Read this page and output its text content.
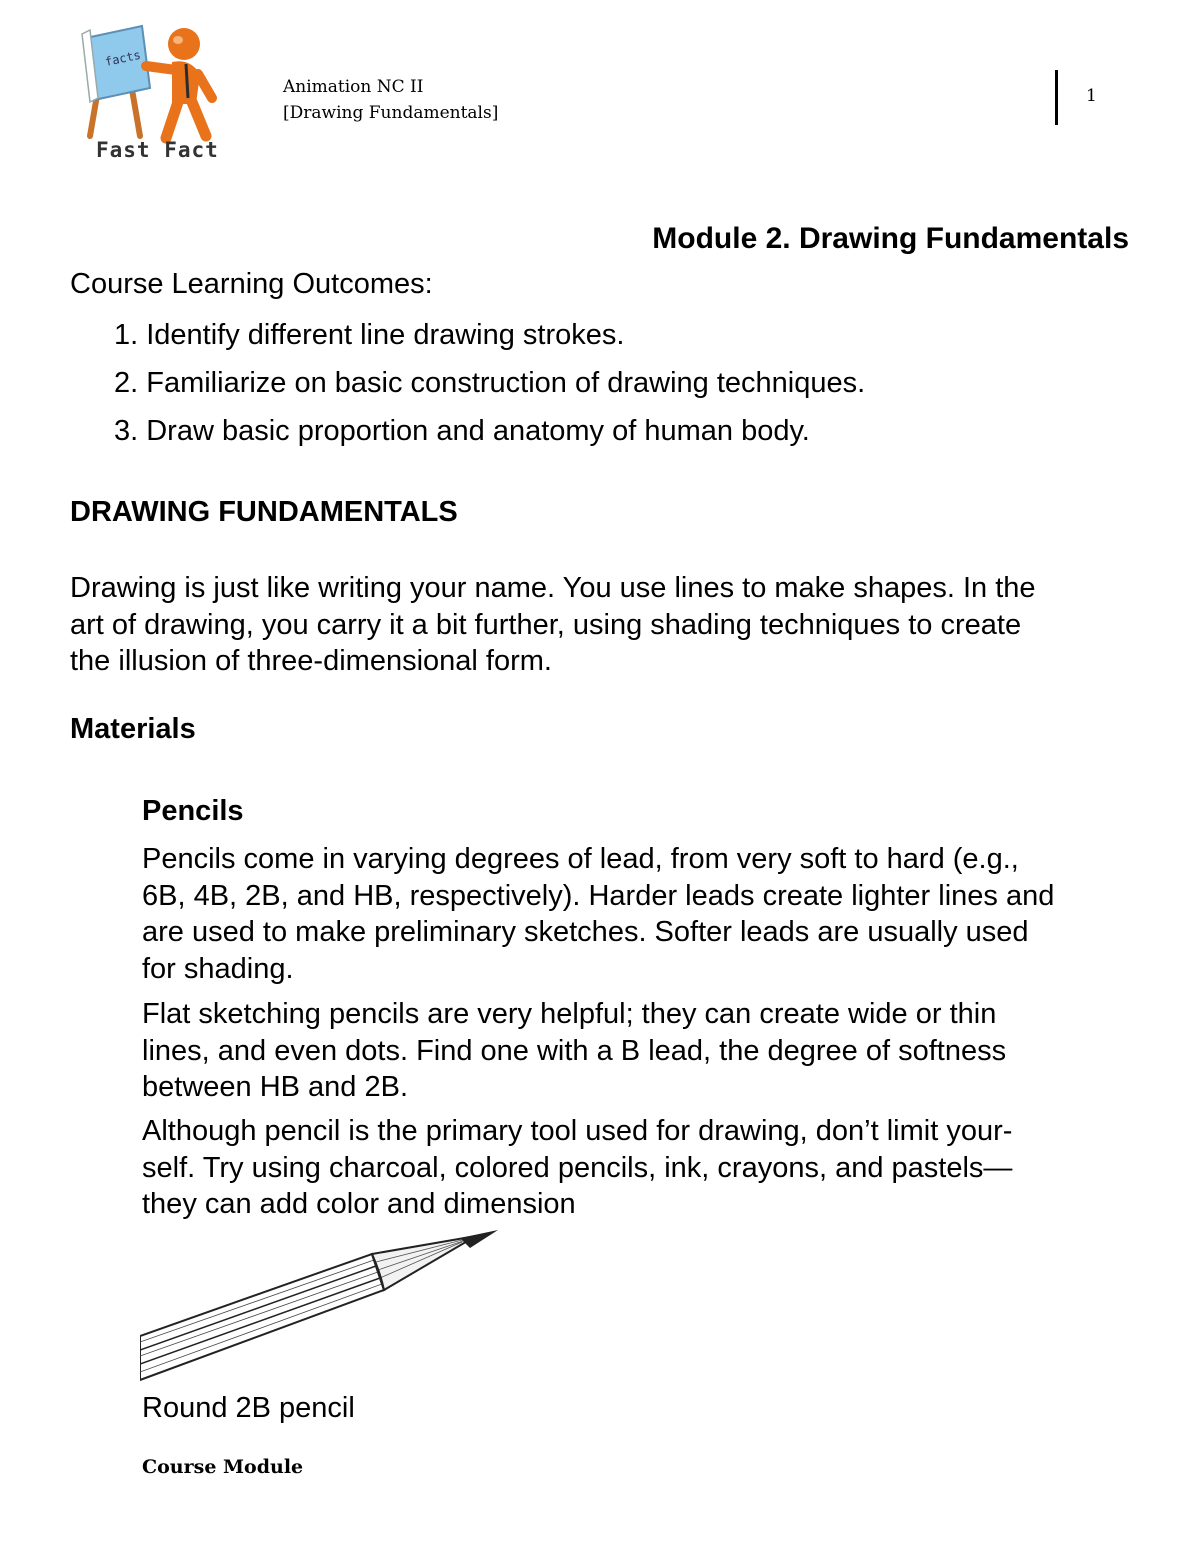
facts
Fast Fact
Animation NC II
[Drawing Fundamentals]
1
Module 2. Drawing Fundamentals
Course Learning Outcomes:
1. Identify different line drawing strokes.
2. Familiarize on basic construction of drawing techniques.
3. Draw basic proportion and anatomy of human body.
DRAWING FUNDAMENTALS

Drawing is just like writing your name. You use lines to make shapes. In the
art of drawing, you carry it a bit further, using shading techniques to create
the illusion of three-dimensional form.

Materials
Pencils

Pencils come in varying degrees of lead, from very soft to hard (e.g.,
6B, 4B, 2B, and HB, respectively). Harder leads create lighter lines and
are used to make preliminary sketches. Softer leads are usually used
for shading.

Flat sketching pencils are very helpful; they can create wide or thin
lines, and even dots. Find one with a B lead, the degree of softness
between HB and 2B.

Although pencil is the primary tool used for drawing, don’t limit your-
self. Try using charcoal, colored pencils, ink, crayons, and pastels—
they can add color and dimension

Round 2B pencil
Course Module
